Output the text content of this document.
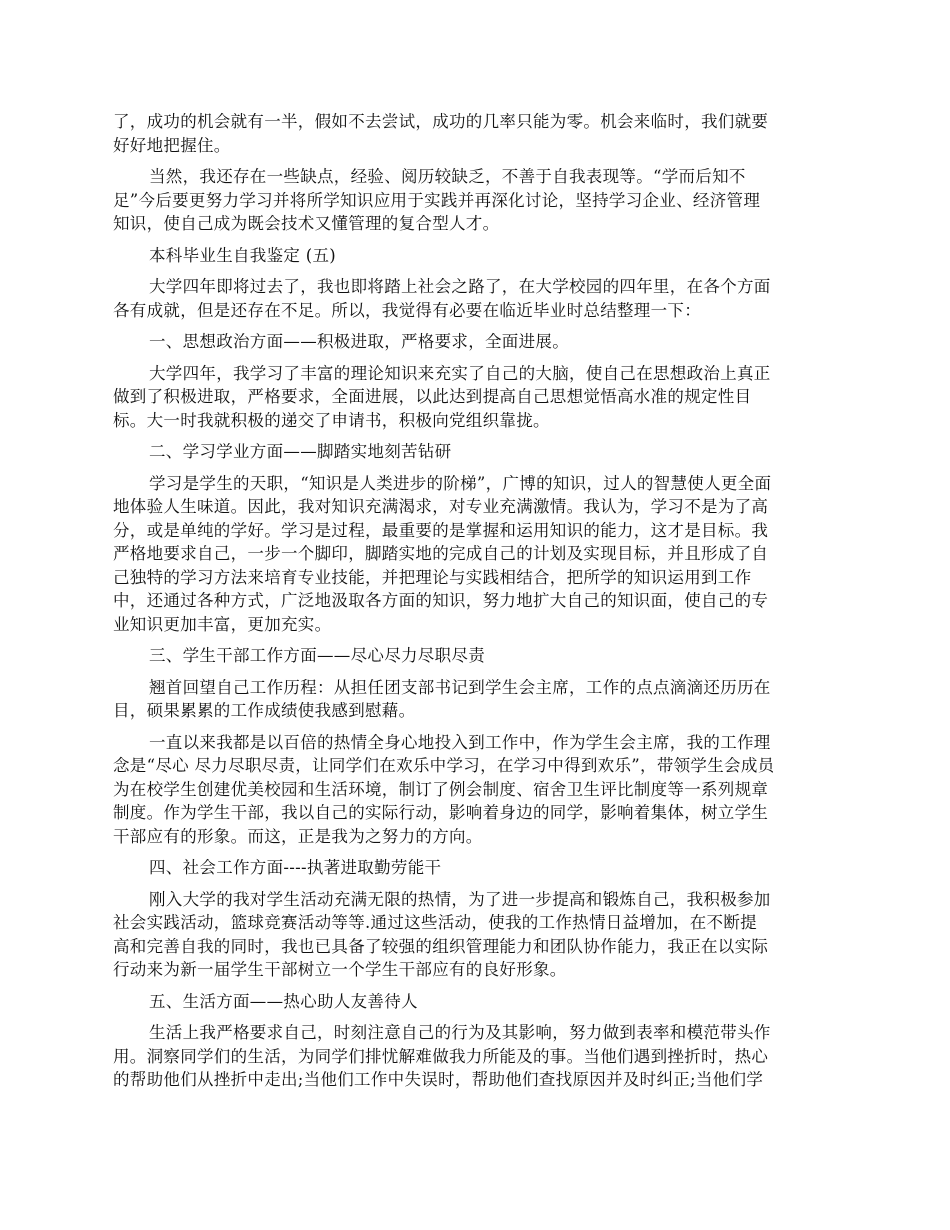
了，成功的机会就有一半，假如不去尝试，成功的几率只能为零。机会来临时，我们就要
好好地把握住。
当然，我还存在一些缺点，经验、阅历较缺乏，不善于自我表现等。“学而后知不
足”今后要更努力学习并将所学知识应用于实践并再深化讨论，坚持学习企业、经济管理
知识，使自己成为既会技术又懂管理的复合型人才。
本科毕业生自我鉴定 (五)
大学四年即将过去了，我也即将踏上社会之路了，在大学校园的四年里，在各个方面
各有成就，但是还存在不足。所以，我觉得有必要在临近毕业时总结整理一下：
一、思想政治方面——积极进取，严格要求，全面进展。
大学四年，我学习了丰富的理论知识来充实了自己的大脑，使自己在思想政治上真正
做到了积极进取，严格要求，全面进展，以此达到提高自己思想觉悟高水准的规定性目
标。大一时我就积极的递交了申请书，积极向党组织靠拢。
二、学习学业方面——脚踏实地刻苦钻研
学习是学生的天职，“知识是人类进步的阶梯”，广博的知识，过人的智慧使人更全面
地体验人生味道。因此，我对知识充满渴求，对专业充满激情。我认为，学习不是为了高
分，或是单纯的学好。学习是过程，最重要的是掌握和运用知识的能力，这才是目标。我
严格地要求自己，一步一个脚印，脚踏实地的完成自己的计划及实现目标，并且形成了自
己独特的学习方法来培育专业技能，并把理论与实践相结合，把所学的知识运用到工作
中，还通过各种方式，广泛地汲取各方面的知识，努力地扩大自己的知识面，使自己的专
业知识更加丰富，更加充实。
三、学生干部工作方面——尽心尽力尽职尽责
翘首回望自己工作历程：从担任团支部书记到学生会主席，工作的点点滴滴还历历在
目，硕果累累的工作成绩使我感到慰藉。
一直以来我都是以百倍的热情全身心地投入到工作中，作为学生会主席，我的工作理
念是“尽心 尽力尽职尽责，让同学们在欢乐中学习，在学习中得到欢乐”，带领学生会成员
为在校学生创建优美校园和生活环境，制订了例会制度、宿舍卫生评比制度等一系列规章
制度。作为学生干部，我以自己的实际行动，影响着身边的同学，影响着集体，树立学生
干部应有的形象。而这，正是我为之努力的方向。
四、社会工作方面----执著进取勤劳能干
刚入大学的我对学生活动充满无限的热情，为了进一步提高和锻炼自己，我积极参加
社会实践活动，篮球竞赛活动等等.通过这些活动，使我的工作热情日益增加，在不断提
高和完善自我的同时，我也已具备了较强的组织管理能力和团队协作能力，我正在以实际
行动来为新一届学生干部树立一个学生干部应有的良好形象。
五、生活方面——热心助人友善待人
生活上我严格要求自己，时刻注意自己的行为及其影响，努力做到表率和模范带头作
用。洞察同学们的生活，为同学们排忧解难做我力所能及的事。当他们遇到挫折时，热心
的帮助他们从挫折中走出;当他们工作中失误时，帮助他们查找原因并及时纠正;当他们学
